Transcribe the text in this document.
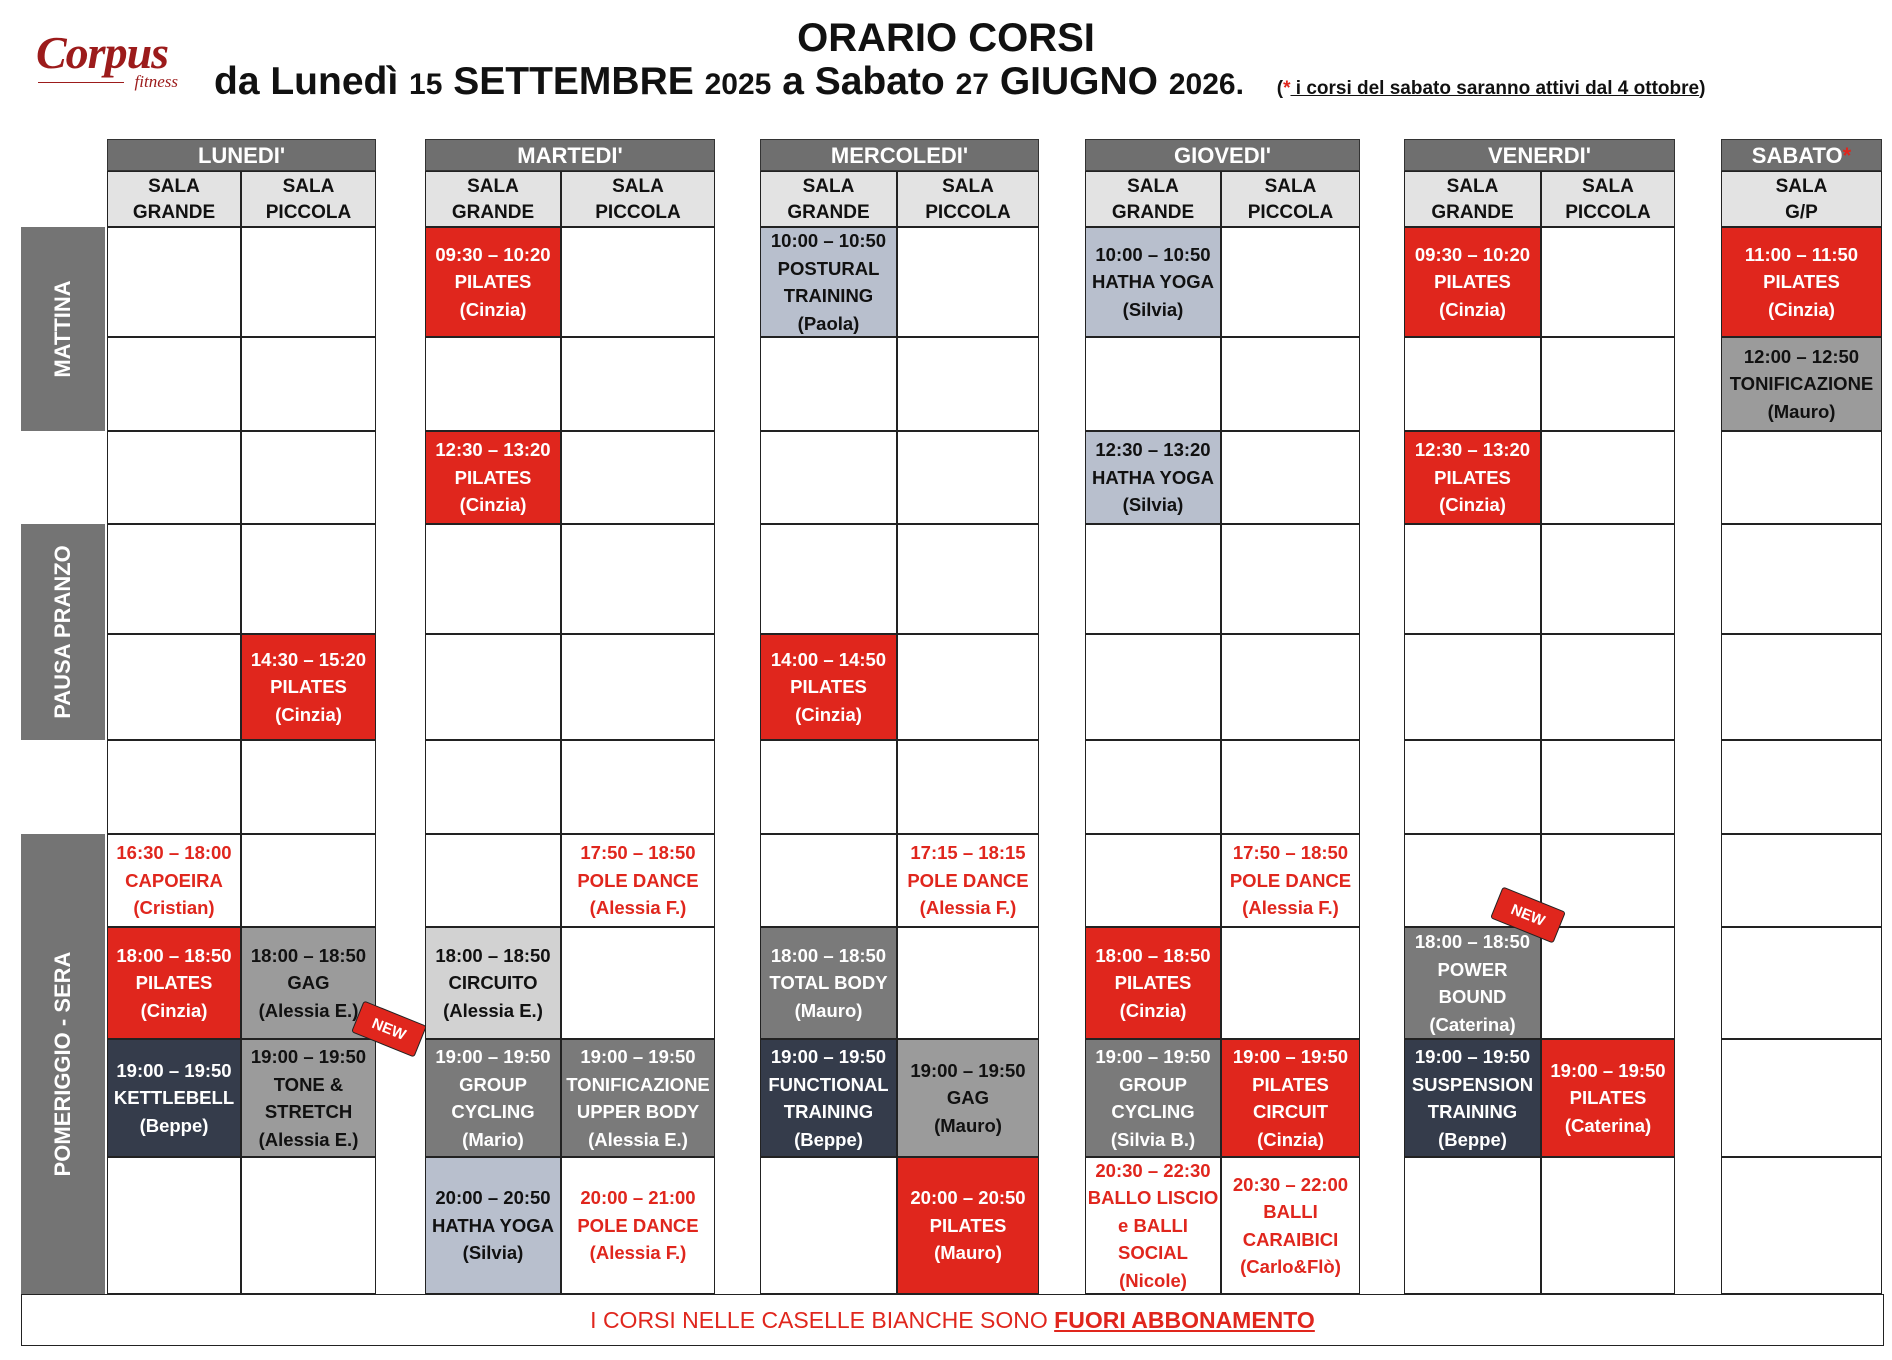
Corpus
fitness
ORARIO CORSI
da Lunedì 15 SETTEMBRE 2025 a Sabato 27 GIUGNO 2026. (* i corsi del sabato saranno attivi dal 4 ottobre)
MATTINA
PAUSA PRANZO
POMERIGGIO - SERA
LUNEDI'
SALA
GRANDE
SALA
PICCOLA
MARTEDI'
SALA
GRANDE
SALA
PICCOLA
MERCOLEDI'
SALA
GRANDE
SALA
PICCOLA
GIOVEDI'
SALA
GRANDE
SALA
PICCOLA
VENERDI'
SALA
GRANDE
SALA
PICCOLA
SABATO*
SALA
G/P
16:30 – 18:00
CAPOEIRA
(Cristian)
18:00 – 18:50
PILATES
(Cinzia)
19:00 – 19:50
KETTLEBELL
(Beppe)
14:30 – 15:20
PILATES
(Cinzia)
18:00 – 18:50
GAG
(Alessia E.)
19:00 – 19:50
TONE &
STRETCH
(Alessia E.)
09:30 – 10:20
PILATES
(Cinzia)
12:30 – 13:20
PILATES
(Cinzia)
18:00 – 18:50
CIRCUITO
(Alessia E.)
19:00 – 19:50
GROUP
CYCLING
(Mario)
20:00 – 20:50
HATHA YOGA
(Silvia)
17:50 – 18:50
POLE DANCE
(Alessia F.)
19:00 – 19:50
TONIFICAZIONE
UPPER BODY
(Alessia E.)
20:00 – 21:00
POLE DANCE
(Alessia F.)
10:00 – 10:50
POSTURAL
TRAINING
(Paola)
14:00 – 14:50
PILATES
(Cinzia)
18:00 – 18:50
TOTAL BODY
(Mauro)
19:00 – 19:50
FUNCTIONAL
TRAINING
(Beppe)
17:15 – 18:15
POLE DANCE
(Alessia F.)
19:00 – 19:50
GAG
(Mauro)
20:00 – 20:50
PILATES
(Mauro)
10:00 – 10:50
HATHA YOGA
(Silvia)
12:30 – 13:20
HATHA YOGA
(Silvia)
18:00 – 18:50
PILATES
(Cinzia)
19:00 – 19:50
GROUP
CYCLING
(Silvia B.)
20:30 – 22:30
BALLO LISCIO
e BALLI
SOCIAL
(Nicole)
17:50 – 18:50
POLE DANCE
(Alessia F.)
19:00 – 19:50
PILATES
CIRCUIT
(Cinzia)
20:30 – 22:00
BALLI
CARAIBICI
(Carlo&Flò)
09:30 – 10:20
PILATES
(Cinzia)
12:30 – 13:20
PILATES
(Cinzia)
18:00 – 18:50
POWER
BOUND
(Caterina)
19:00 – 19:50
SUSPENSION
TRAINING
(Beppe)
19:00 – 19:50
PILATES
(Caterina)
11:00 – 11:50
PILATES
(Cinzia)
12:00 – 12:50
TONIFICAZIONE
(Mauro)
NEW
NEW
I CORSI NELLE CASELLE BIANCHE SONO FUORI ABBONAMENTO
